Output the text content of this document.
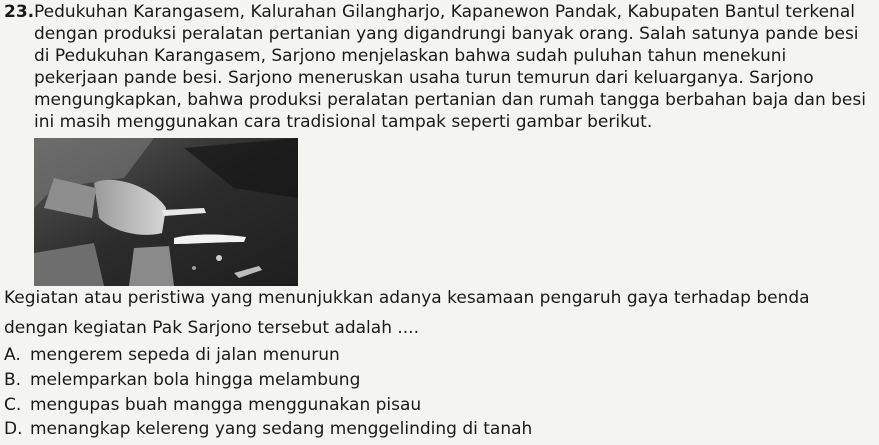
23. Pedukuhan Karangasem, Kalurahan Gilangharjo, Kapanewon Pandak, Kabupaten Bantul terkenal
dengan produksi peralatan pertanian yang digandrungi banyak orang. Salah satunya pande besi
di Pedukuhan Karangasem, Sarjono menjelaskan bahwa sudah puluhan tahun menekuni
pekerjaan pande besi. Sarjono meneruskan usaha turun temurun dari keluarganya. Sarjono
mengungkapkan, bahwa produksi peralatan pertanian dan rumah tangga berbahan baja dan besi
ini masih menggunakan cara tradisional tampak seperti gambar berikut.
Kegiatan atau peristiwa yang menunjukkan adanya kesamaan pengaruh gaya terhadap benda
dengan kegiatan Pak Sarjono tersebut adalah ....
A. mengerem sepeda di jalan menurun
B. melemparkan bola hingga melambung
C. mengupas buah mangga menggunakan pisau
D. menangkap kelereng yang sedang menggelinding di tanah
